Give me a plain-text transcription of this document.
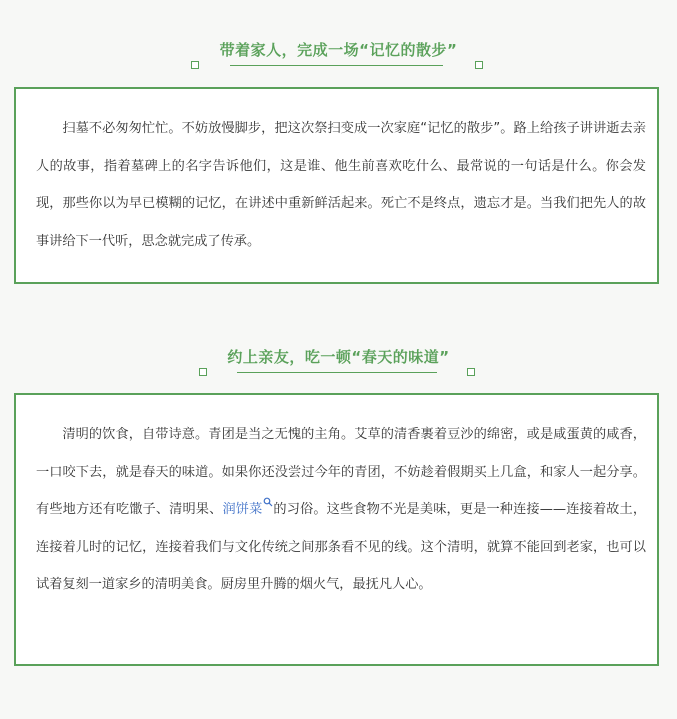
带着家人，完成一场“记忆的散步”

扫墓不必匆匆忙忙。不妨放慢脚步，把这次祭扫变成一次家庭“记忆的散步”。路上给孩子讲讲逝去亲人的故事，指着墓碑上的名字告诉他们，这是谁、他生前喜欢吃什么、最常说的一句话是什么。你会发现，那些你以为早已模糊的记忆，在讲述中重新鲜活起来。死亡不是终点，遗忘才是。当我们把先人的故事讲给下一代听，思念就完成了传承。

约上亲友，吃一顿“春天的味道”

清明的饮食，自带诗意。青团是当之无愧的主角。艾草的清香裹着豆沙的绵密，或是咸蛋黄的咸香，一口咬下去，就是春天的味道。如果你还没尝过今年的青团，不妨趁着假期买上几盒，和家人一起分享。有些地方还有吃馓子、清明果、润饼菜 的习俗。这些食物不光是美味，更是一种连接——连接着故土，连接着儿时的记忆，连接着我们与文化传统之间那条看不见的线。这个清明，就算不能回到老家，也可以试着复刻一道家乡的清明美食。厨房里升腾的烟火气，最抚凡人心。
